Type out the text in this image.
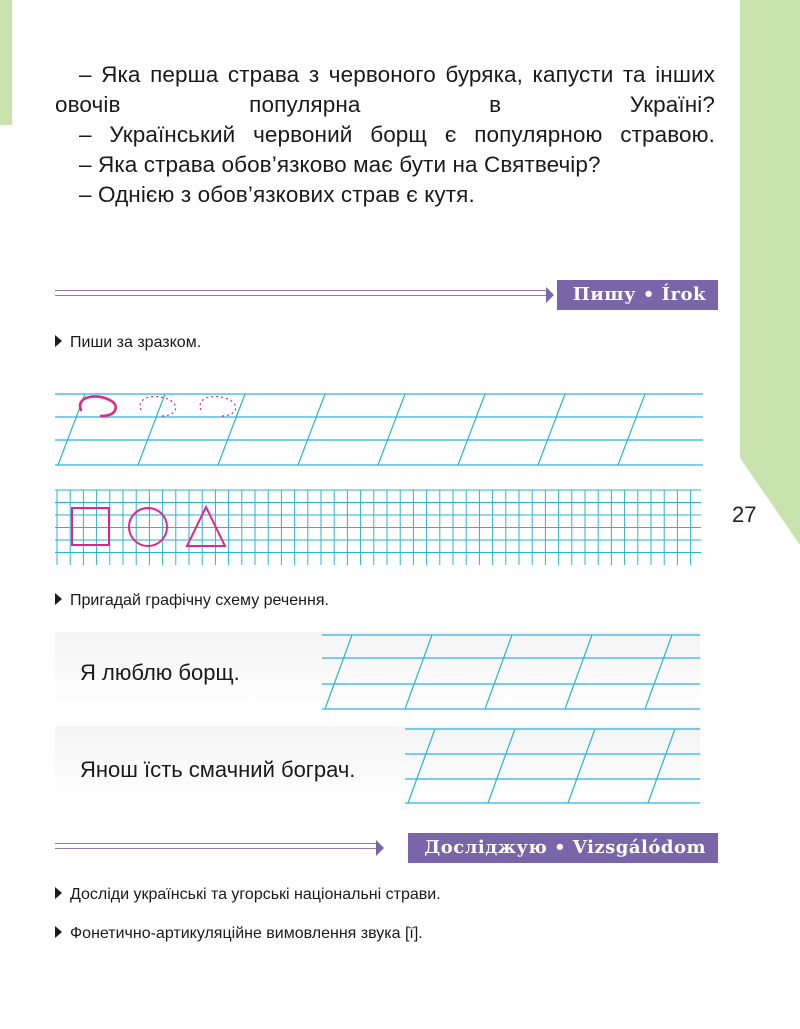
27

– Яка перша страва з червоного буряка, капусти та інших овочів популярна в Україні?

– Український червоний борщ є популярною стравою.

– Яка страва обов’язково має бути на Святвечір?

– Однією з обов’язкових страв є кутя.

Пишу • Írok
Пиши за зразком.
Пригадай графічну схему речення.
Я люблю борщ.
Янош їсть смачний бограч.
Досліджую • Vizsgálódom
Досліди українські та угорські національні страви.
Фонетично-артикуляційне вимовлення звука [ї].
